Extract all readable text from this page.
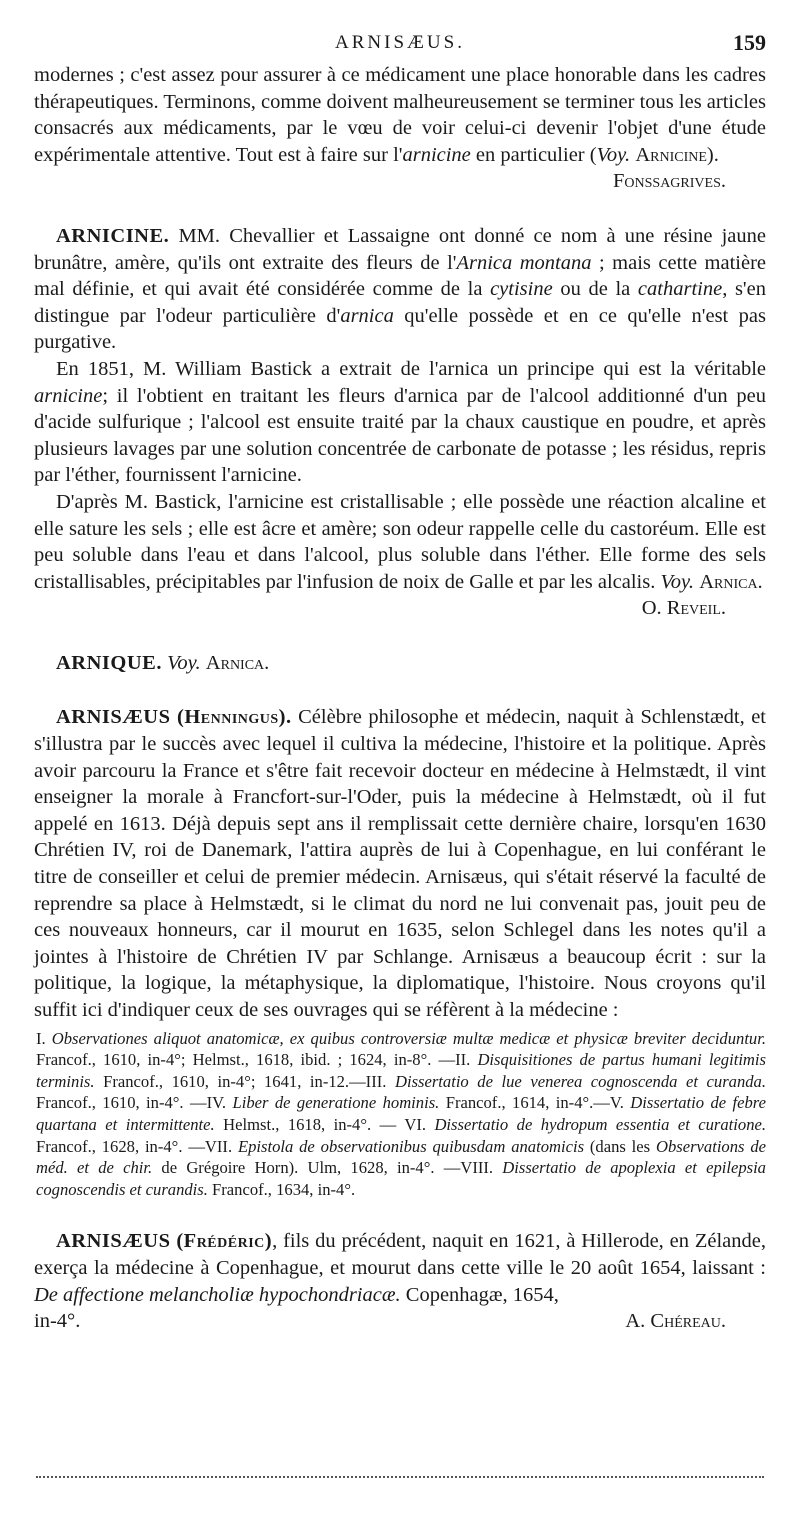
ARNISÆUS.	159

modernes ; c'est assez pour assurer à ce médicament une place honorable dans les cadres thérapeutiques. Terminons, comme doivent malheureusement se terminer tous les articles consacrés aux médicaments, par le vœu de voir celui-ci devenir l'objet d'une étude expérimentale attentive. Tout est à faire sur l'arnicine en particulier (Voy. Arnicine).

Fonssagrives.

ARNICINE. MM. Chevallier et Lassaigne ont donné ce nom à une résine jaune brunâtre, amère, qu'ils ont extraite des fleurs de l'Arnica montana ; mais cette matière mal définie, et qui avait été considérée comme de la cytisine ou de la cathartine, s'en distingue par l'odeur particulière d'arnica qu'elle possède et en ce qu'elle n'est pas purgative.

En 1851, M. William Bastick a extrait de l'arnica un principe qui est la véritable arnicine; il l'obtient en traitant les fleurs d'arnica par de l'alcool additionné d'un peu d'acide sulfurique ; l'alcool est ensuite traité par la chaux caustique en poudre, et après plusieurs lavages par une solution concentrée de carbonate de potasse ; les résidus, repris par l'éther, fournissent l'arnicine.

D'après M. Bastick, l'arnicine est cristallisable ; elle possède une réaction alcaline et elle sature les sels ; elle est âcre et amère; son odeur rappelle celle du castoréum. Elle est peu soluble dans l'eau et dans l'alcool, plus soluble dans l'éther. Elle forme des sels cristallisables, précipitables par l'infusion de noix de Galle et par les alcalis. Voy. Arnica.

O. Reveil.

ARNIQUE. Voy. Arnica.

ARNISÆUS (Henningus). Célèbre philosophe et médecin, naquit à Schlenstædt, et s'illustra par le succès avec lequel il cultiva la médecine, l'histoire et la politique. Après avoir parcouru la France et s'être fait recevoir docteur en médecine à Helmstædt, il vint enseigner la morale à Francfort-sur-l'Oder, puis la médecine à Helmstædt, où il fut appelé en 1613. Déjà depuis sept ans il remplissait cette dernière chaire, lorsqu'en 1630 Chrétien IV, roi de Danemark, l'attira auprès de lui à Copenhague, en lui conférant le titre de conseiller et celui de premier médecin. Arnisæus, qui s'était réservé la faculté de reprendre sa place à Helmstædt, si le climat du nord ne lui convenait pas, jouit peu de ces nouveaux honneurs, car il mourut en 1635, selon Schlegel dans les notes qu'il a jointes à l'histoire de Chrétien IV par Schlange. Arnisæus a beaucoup écrit : sur la politique, la logique, la métaphysique, la diplomatique, l'histoire. Nous croyons qu'il suffit ici d'indiquer ceux de ses ouvrages qui se réfèrent à la médecine :

I. Observationes aliquot anatomicæ, ex quibus controversiæ multæ medicæ et physicæ breviter deciduntur. Francof., 1610, in-4°; Helmst., 1618, ibid. ; 1624, in-8°. —II. Disquisitiones de partus humani legitimis terminis. Francof., 1610, in-4°; 1641, in-12.—III. Dissertatio de lue venerea cognoscenda et curanda. Francof., 1610, in-4°. —IV. Liber de generatione hominis. Francof., 1614, in-4°.—V. Dissertatio de febre quartana et intermittente. Helmst., 1618, in-4°. — VI. Dissertatio de hydropum essentia et curatione. Francof., 1628, in-4°. —VII. Epistola de observationibus quibusdam anatomicis (dans les Observations de méd. et de chir. de Grégoire Horn). Ulm, 1628, in-4°. —VIII. Dissertatio de apoplexia et epilepsia cognoscendis et curandis. Francof., 1634, in-4°.

ARNISÆUS (Frédéric), fils du précédent, naquit en 1621, à Hillerode, en Zélande, exerça la médecine à Copenhague, et mourut dans cette ville le 20 août 1654, laissant : De affectione melancholiæ hypochondriacæ. Copenhagæ, 1654,

in-4°.	A. Chéreau.
